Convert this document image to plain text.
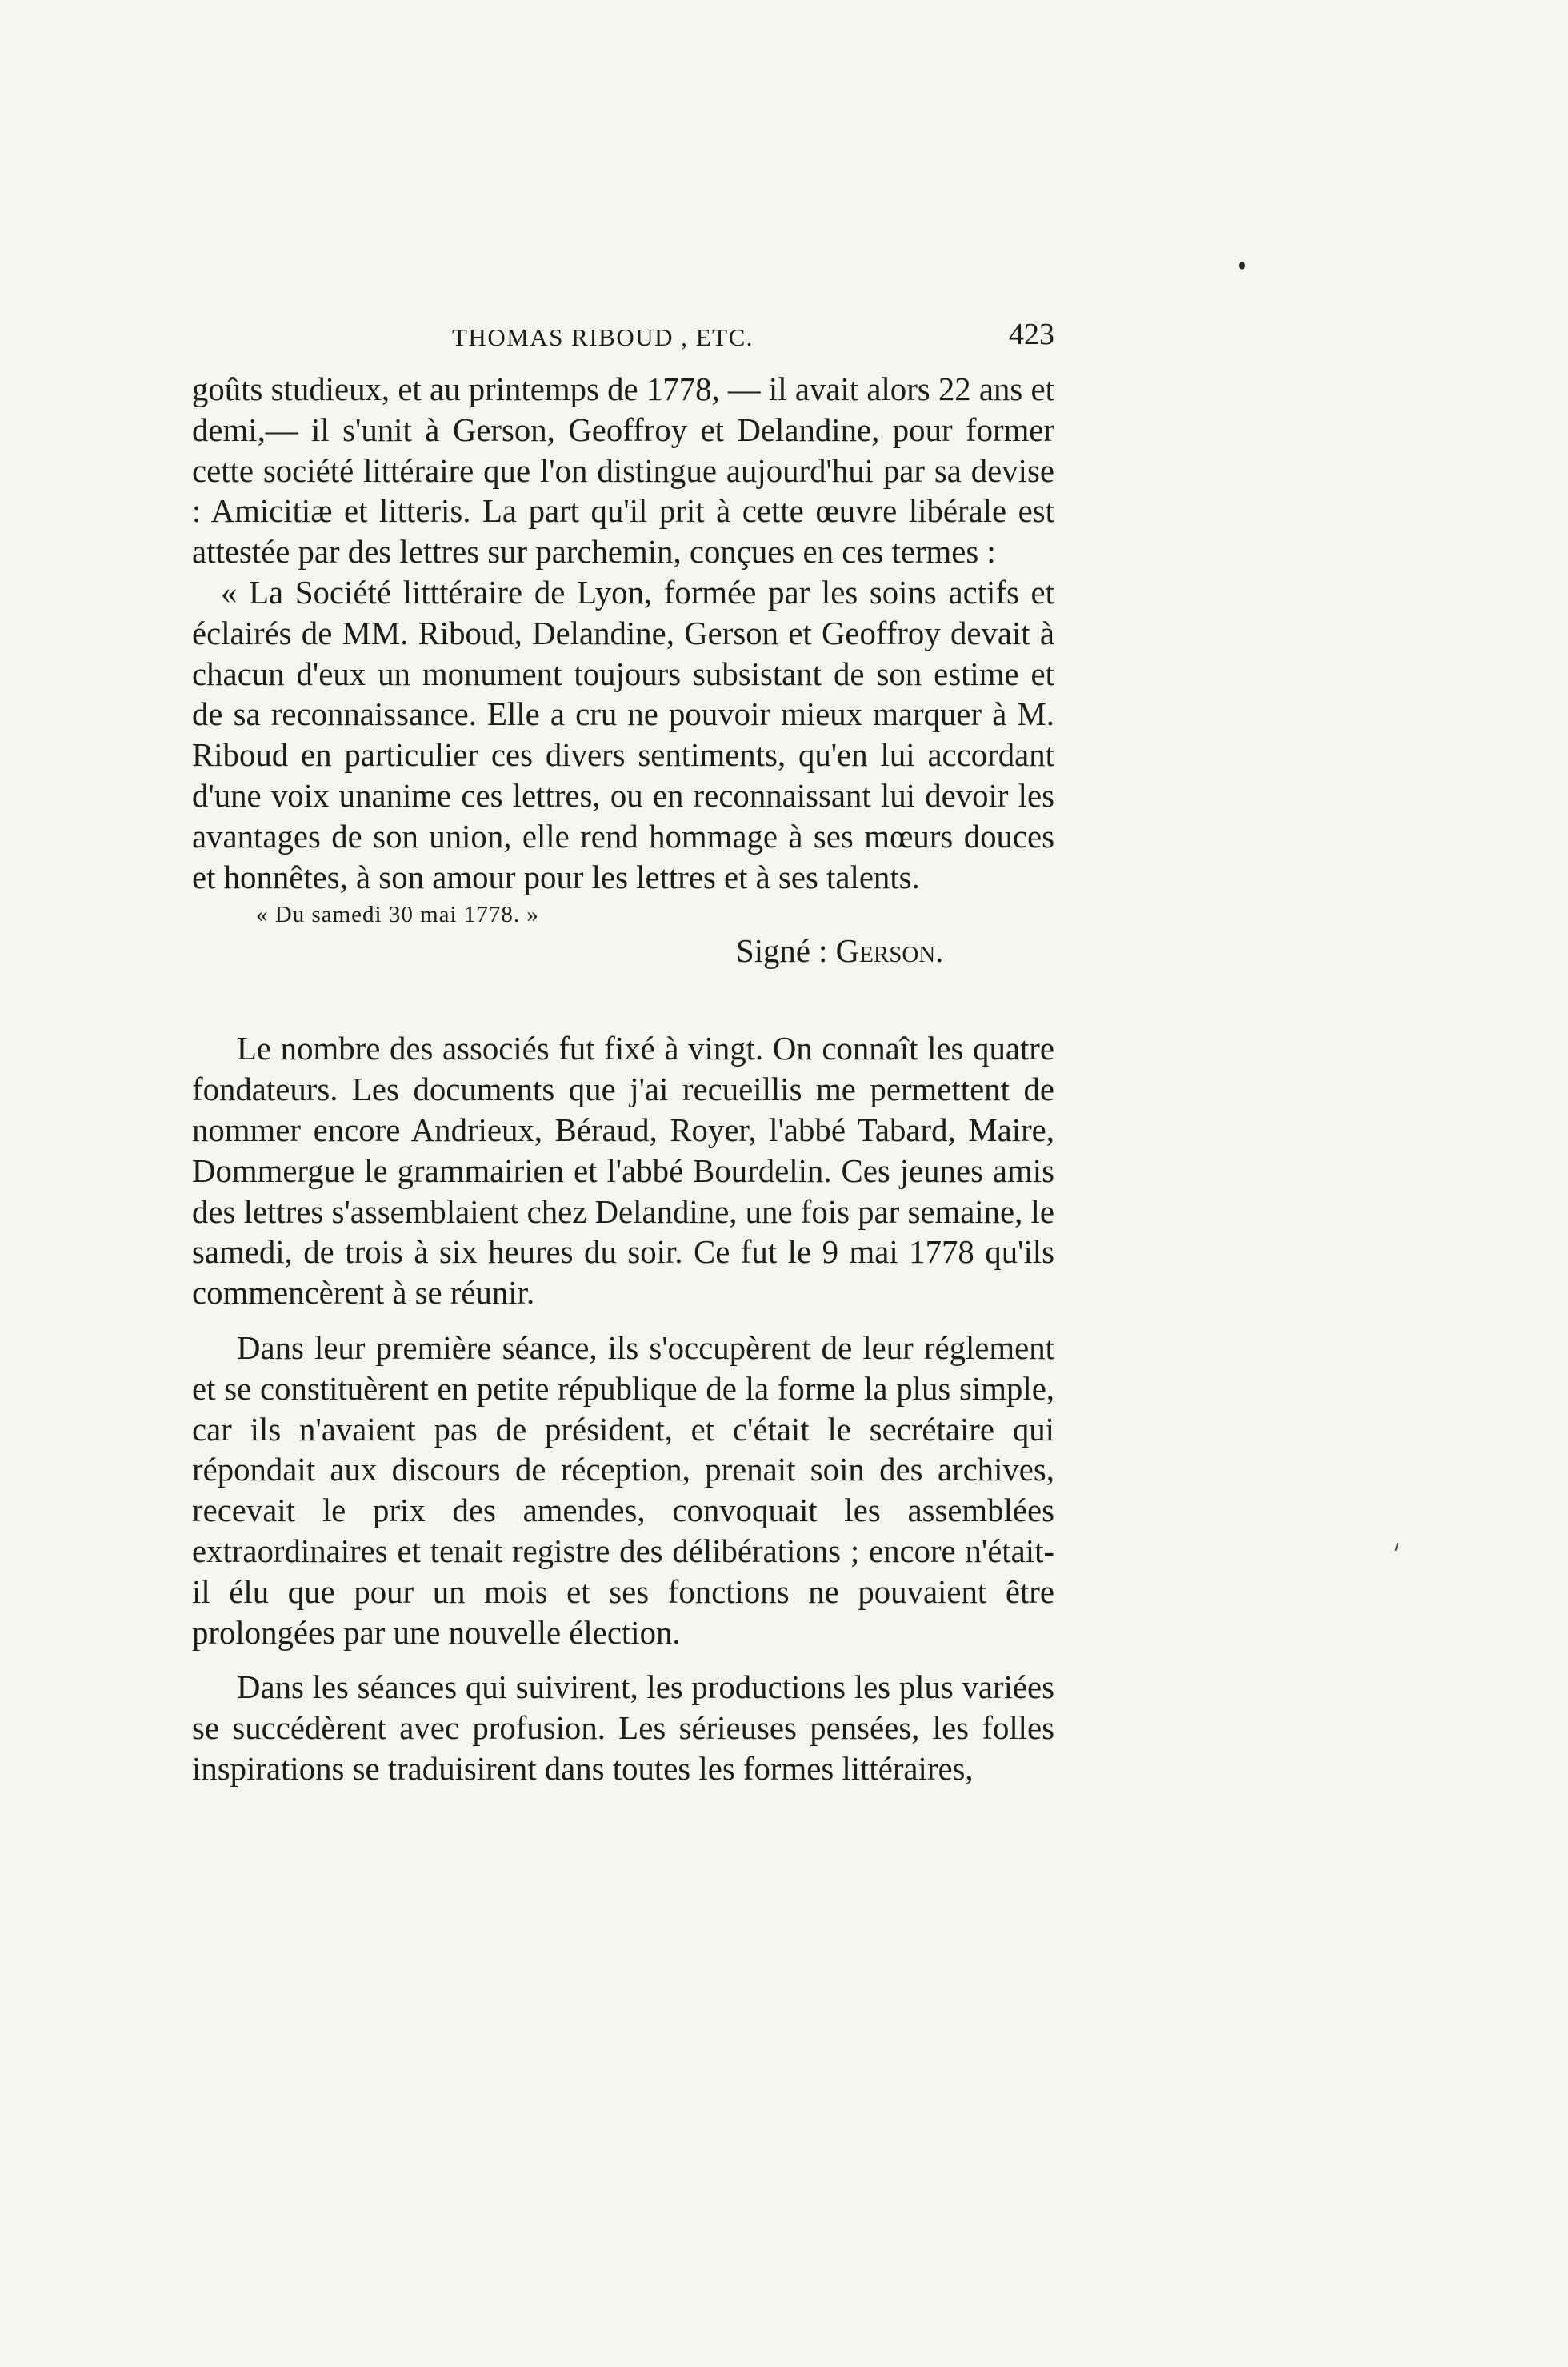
THOMAS RIBOUD , ETC.	423

goûts studieux, et au printemps de 1778, — il avait alors 22 ans et demi,— il s'unit à Gerson, Geoffroy et Delandine, pour former cette société littéraire que l'on distingue aujourd'hui par sa devise : Amicitiæ et litteris. La part qu'il prit à cette œuvre libérale est attestée par des lettres sur parchemin, conçues en ces termes :

« La Société litttéraire de Lyon, formée par les soins actifs et éclairés de MM. Riboud, Delandine, Gerson et Geoffroy devait à chacun d'eux un monument toujours subsistant de son estime et de sa reconnaissance. Elle a cru ne pouvoir mieux marquer à M. Riboud en particulier ces divers sentiments, qu'en lui accordant d'une voix unanime ces lettres, ou en reconnaissant lui devoir les avantages de son union, elle rend hommage à ses mœurs douces et honnêtes, à son amour pour les lettres et à ses talents.

« Du samedi 30 mai 1778. »

Signé : Gerson.

Le nombre des associés fut fixé à vingt. On connaît les quatre fondateurs. Les documents que j'ai recueillis me permettent de nommer encore Andrieux, Béraud, Royer, l'abbé Tabard, Maire, Dommergue le grammairien et l'abbé Bourdelin. Ces jeunes amis des lettres s'assemblaient chez Delandine, une fois par semaine, le samedi, de trois à six heures du soir. Ce fut le 9 mai 1778 qu'ils commencèrent à se réunir.

Dans leur première séance, ils s'occupèrent de leur réglement et se constituèrent en petite république de la forme la plus simple, car ils n'avaient pas de président, et c'était le secrétaire qui répondait aux discours de réception, prenait soin des archives, recevait le prix des amendes, convoquait les assemblées extraordinaires et tenait registre des délibérations ; encore n'était-il élu que pour un mois et ses fonctions ne pouvaient être prolongées par une nouvelle élection.

Dans les séances qui suivirent, les productions les plus variées se succédèrent avec profusion. Les sérieuses pensées, les folles inspirations se traduisirent dans toutes les formes littéraires,
